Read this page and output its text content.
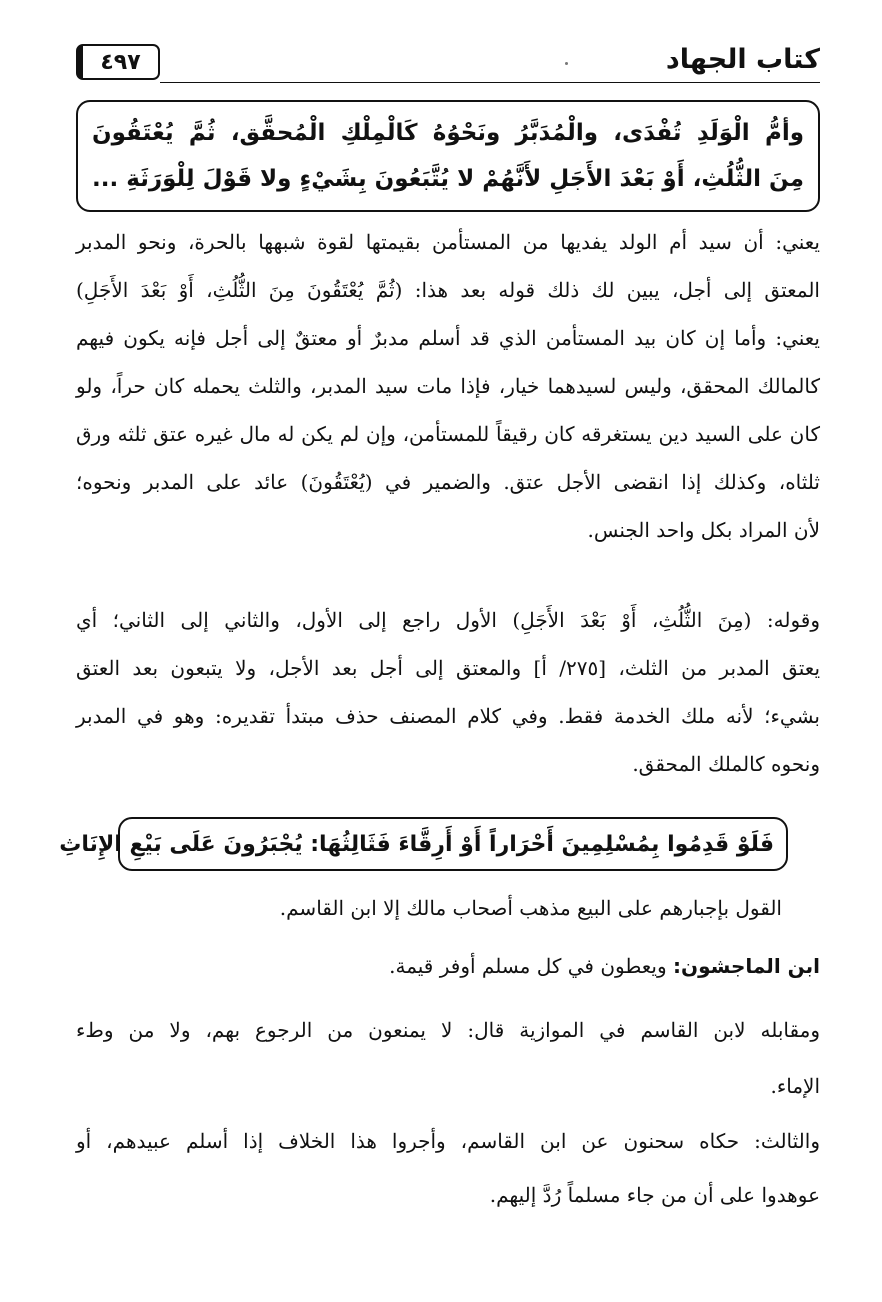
كتاب الجهاد
٤٩٧
وأمُّ الْوَلَدِ تُفْدَى، والْمُدَبَّرُ ونَحْوُهُ كَالْمِلْكِ الْمُحقَّق، ثُمَّ يُعْتَقُونَ
مِنَ الثُّلُثِ، أَوْ بَعْدَ الأَجَلِ لأَنَّهُمْ لا يُتَّبَعُونَ بِشَيْءٍ ولا قَوْلَ لِلْوَرَثَةِ ...
يعني: أن سيد أم الولد يفديها من المستأمن بقيمتها لقوة شبهها بالحرة، ونحو المدبر
المعتق إلى أجل، يبين لك ذلك قوله بعد هذا: (ثُمَّ يُعْتَقُونَ مِنَ الثُّلُثِ، أَوْ بَعْدَ الأَجَلِ)
يعني: وأما إن كان بيد المستأمن الذي قد أسلم مدبرٌ أو معتقٌ إلى أجل فإنه يكون فيهم
كالمالك المحقق، وليس لسيدهما خيار، فإذا مات سيد المدبر، والثلث يحمله كان حراً، ولو
كان على السيد دين يستغرقه كان رقيقاً للمستأمن، وإن لم يكن له مال غيره عتق ثلثه ورق
ثلثاه، وكذلك إذا انقضى الأجل عتق. والضمير في (يُعْتَقُونَ) عائد على المدبر ونحوه؛
لأن المراد بكل واحد الجنس.
وقوله: (مِنَ الثُّلُثِ، أَوْ بَعْدَ الأَجَلِ) الأول راجع إلى الأول، والثاني إلى الثاني؛ أي
يعتق المدبر من الثلث، [٢٧٥/ أ] والمعتق إلى أجل بعد الأجل، ولا يتبعون بعد العتق
بشيء؛ لأنه ملك الخدمة فقط. وفي كلام المصنف حذف مبتدأ تقديره: وهو في المدبر
ونحوه كالملك المحقق.
فَلَوْ قَدِمُوا بِمُسْلِمِينَ أَحْرَاراً أَوْ أَرِقَّاءَ فَثَالِثُهَا: يُجْبَرُونَ عَلَى بَيْعِ الإِنَاثِ
القول بإجبارهم على البيع مذهب أصحاب مالك إلا ابن القاسم.
ابن الماجشون: ويعطون في كل مسلم أوفر قيمة.
ومقابله لابن القاسم في الموازية قال: لا يمنعون من الرجوع بهم، ولا من وطء
الإماء.
والثالث: حكاه سحنون عن ابن القاسم، وأجروا هذا الخلاف إذا أسلم عبيدهم، أو
عوهدوا على أن من جاء مسلماً رُدَّ إليهم.
